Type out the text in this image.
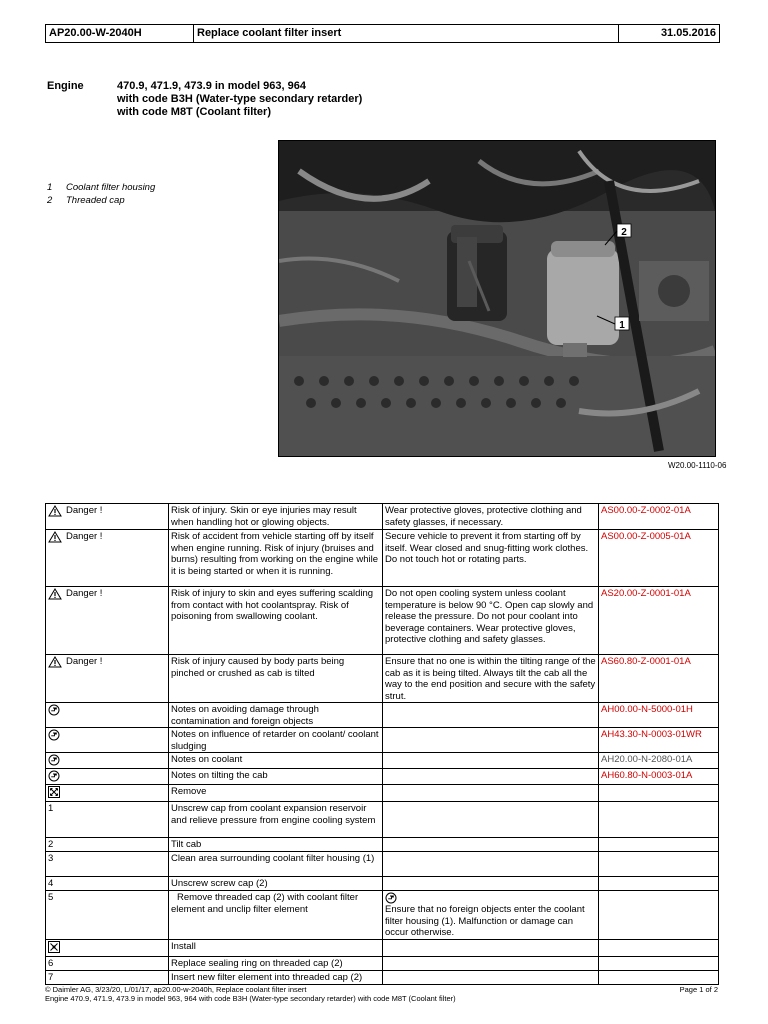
AP20.00-W-2040H	Replace coolant filter insert	31.05.2016
Engine	470.9, 471.9, 473.9 in model 963, 964
with code B3H (Water-type secondary retarder)
with code M8T (Coolant filter)
1	Coolant filter housing
2	Threaded cap
2
1
W20.00-1110-06
Danger !	Risk of injury. Skin or eye injuries may result when handling hot or glowing objects.	Wear protective gloves, protective clothing and safety glasses, if necessary.	AS00.00-Z-0002-01A

Danger !	Risk of accident from vehicle starting off by itself when engine running. Risk of injury (bruises and burns) resulting from working on the engine while it is being started or when it is running.	Secure vehicle to prevent it from starting off by itself. Wear closed and snug-fitting work clothes. Do not touch hot or rotating parts.	AS00.00-Z-0005-01A

Danger !	Risk of injury to skin and eyes suffering scalding from contact with hot coolantspray. Risk of poisoning from swallowing coolant.	Do not open cooling system unless coolant temperature is below 90 °C. Open cap slowly and release the pressure. Do not pour coolant into beverage containers. Wear protective gloves, protective clothing and safety glasses.	AS20.00-Z-0001-01A

Danger !	Risk of injury caused by body parts being pinched or crushed as cab is tilted	Ensure that no one is within the tilting range of the cab as it is being tilted. Always tilt the cab all the way to the end position and secure with the safety strut.	AS60.80-Z-0001-01A
	Notes on avoiding damage through contamination and foreign objects		AH00.00-N-5000-01H
	Notes on influence of retarder on coolant/ coolant sludging		AH43.30-N-0003-01WR
	Notes on coolant		AH20.00-N-2080-01A
	Notes on tilting the cab		AH60.80-N-0003-01A
	Remove		
1	Unscrew cap from coolant expansion reservoir and relieve pressure from engine cooling system		
2	Tilt cab		
3	Clean area surrounding coolant filter housing (1)		
4	Unscrew screw cap (2)		
5	Remove threaded cap (2) with coolant filter element and unclip filter element	Ensure that no foreign objects enter the coolant filter housing (1). Malfunction or damage can occur otherwise.	

	Install		
6	Replace sealing ring on threaded cap (2)		
7	Insert new filter element into threaded cap (2)		
© Daimler AG, 3/23/20, L/01/17, ap20.00-w-2040h, Replace coolant filter insert	Page 1 of 2
Engine 470.9, 471.9, 473.9 in model 963, 964 with code B3H (Water-type secondary retarder) with code M8T (Coolant filter)
